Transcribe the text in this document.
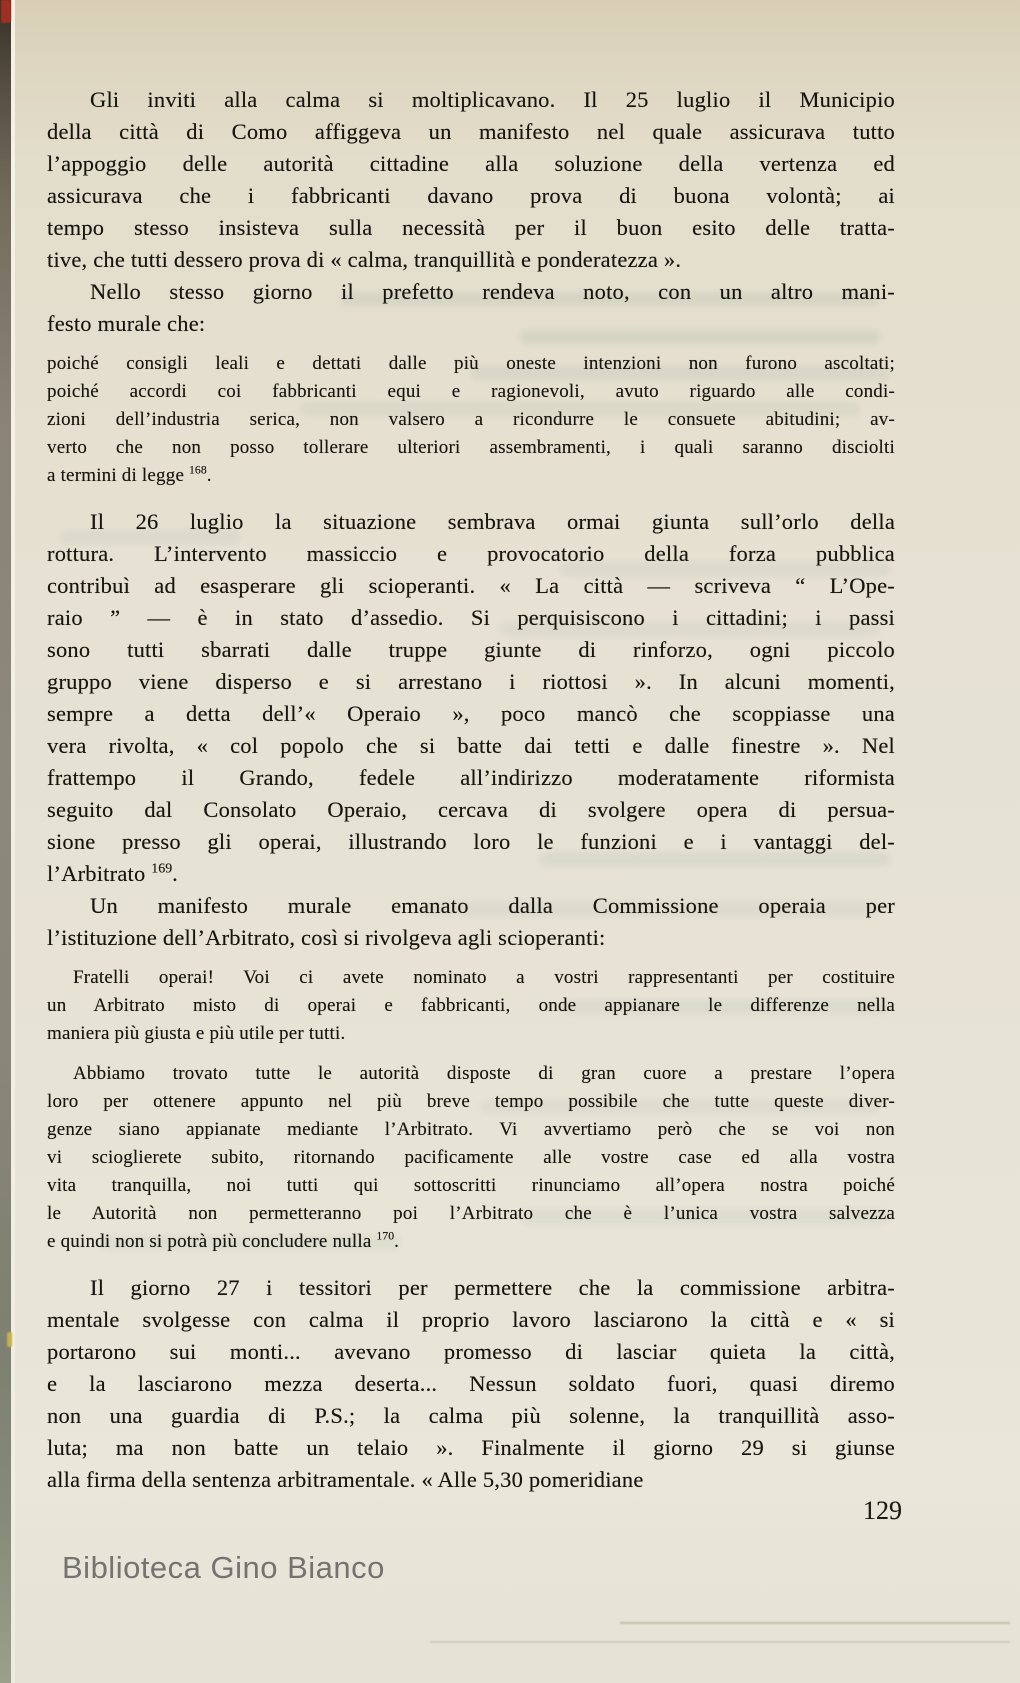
Gli inviti alla calma si moltiplicavano. Il 25 luglio il Municipio
della città di Como affiggeva un manifesto nel quale assicurava tutto
l’appoggio delle autorità cittadine alla soluzione della vertenza ed
assicurava che i fabbricanti davano prova di buona volontà; ai
tempo stesso insisteva sulla necessità per il buon esito delle tratta-
tive, che tutti dessero prova di « calma, tranquillità e ponderatezza ».
Nello stesso giorno il prefetto rendeva noto, con un altro mani-
festo murale che:
poiché consigli leali e dettati dalle più oneste intenzioni non furono ascoltati;
poiché accordi coi fabbricanti equi e ragionevoli, avuto riguardo alle condi-
zioni dell’industria serica, non valsero a ricondurre le consuete abitudini; av-
verto che non posso tollerare ulteriori assembramenti, i quali saranno disciolti
a termini di legge $^{168}$.
Il 26 luglio la situazione sembrava ormai giunta sull’orlo della
rottura. L’intervento massiccio e provocatorio della forza pubblica
contribuì ad esasperare gli scioperanti. « La città — scriveva “ L’Ope-
raio ” — è in stato d’assedio. Si perquisiscono i cittadini; i passi
sono tutti sbarrati dalle truppe giunte di rinforzo, ogni piccolo
gruppo viene disperso e si arrestano i riottosi ». In alcuni momenti,
sempre a detta dell’« Operaio », poco mancò che scoppiasse una
vera rivolta, « col popolo che si batte dai tetti e dalle finestre ». Nel
frattempo il Grando, fedele all’indirizzo moderatamente riformista
seguito dal Consolato Operaio, cercava di svolgere opera di persua-
sione presso gli operai, illustrando loro le funzioni e i vantaggi del-
l’Arbitrato $^{169}$.
Un manifesto murale emanato dalla Commissione operaia per
l’istituzione dell’Arbitrato, così si rivolgeva agli scioperanti:
Fratelli operai! Voi ci avete nominato a vostri rappresentanti per costituire
un Arbitrato misto di operai e fabbricanti, onde appianare le differenze nella
maniera più giusta e più utile per tutti.
Abbiamo trovato tutte le autorità disposte di gran cuore a prestare l’opera
loro per ottenere appunto nel più breve tempo possibile che tutte queste diver-
genze siano appianate mediante l’Arbitrato. Vi avvertiamo però che se voi non
vi scioglierete subito, ritornando pacificamente alle vostre case ed alla vostra
vita tranquilla, noi tutti qui sottoscritti rinunciamo all’opera nostra poiché
le Autorità non permetteranno poi l’Arbitrato che è l’unica vostra salvezza
e quindi non si potrà più concludere nulla $^{170}$.
Il giorno 27 i tessitori per permettere che la commissione arbitra-
mentale svolgesse con calma il proprio lavoro lasciarono la città e « si
portarono sui monti... avevano promesso di lasciar quieta la città,
e la lasciarono mezza deserta... Nessun soldato fuori, quasi diremo
non una guardia di P.S.; la calma più solenne, la tranquillità asso-
luta; ma non batte un telaio ». Finalmente il giorno 29 si giunse
alla firma della sentenza arbitramentale. « Alle 5,30 pomeridiane
129
Biblioteca Gino Bianco
